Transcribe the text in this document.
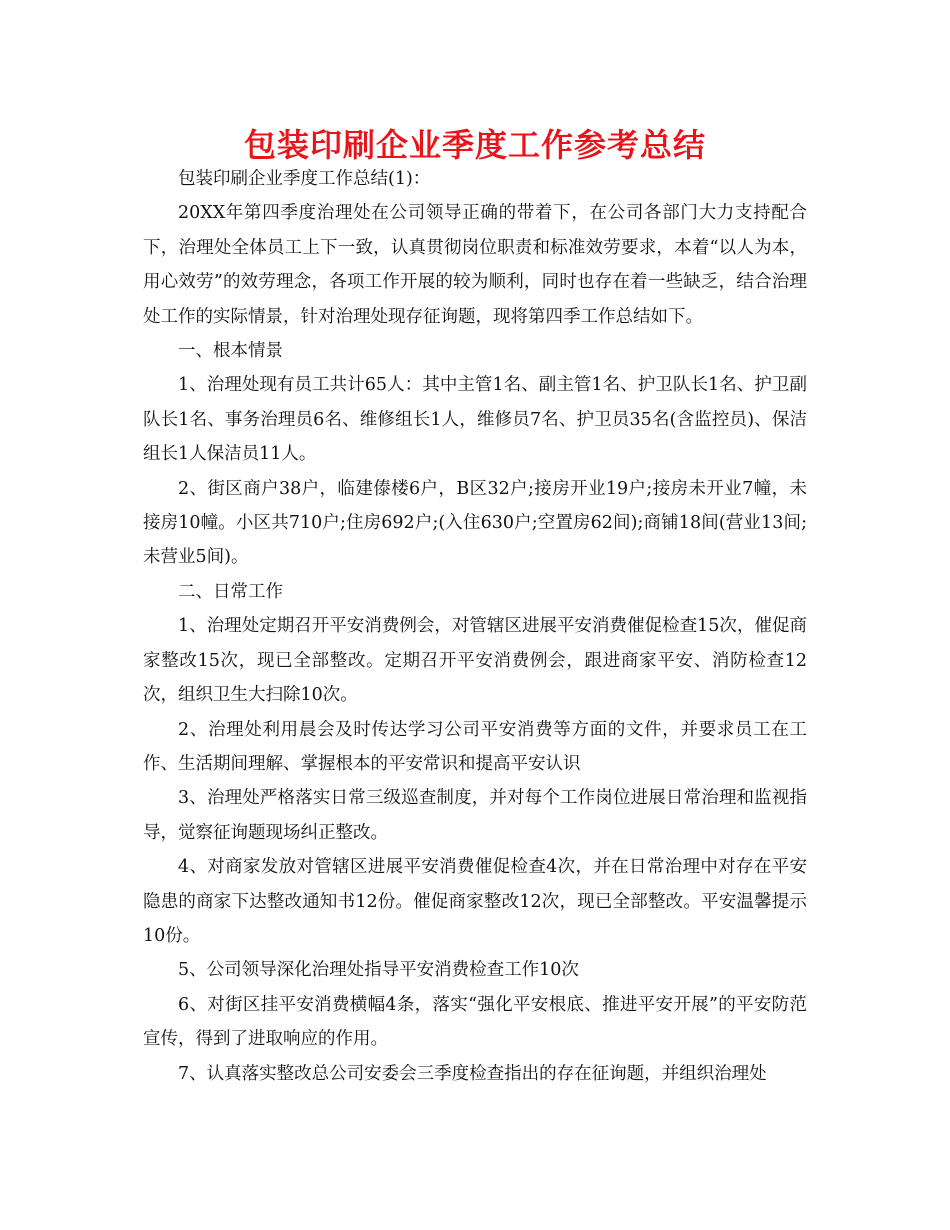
包装印刷企业季度工作参考总结

包装印刷企业季度工作总结(1)：

20XX年第四季度治理处在公司领导正确的带着下，在公司各部门大力支持配合下，治理处全体员工上下一致，认真贯彻岗位职责和标准效劳要求，本着“以人为本，用心效劳”的效劳理念，各项工作开展的较为顺利，同时也存在着一些缺乏，结合治理处工作的实际情景，针对治理处现存征询题，现将第四季工作总结如下。

一、根本情景

1、治理处现有员工共计65人：其中主管1名、副主管1名、护卫队长1名、护卫副队长1名、事务治理员6名、维修组长1人，维修员7名、护卫员35名(含监控员)、保洁组长1人保洁员11人。

2、街区商户38户，临建傣楼6户，B区32户;接房开业19户;接房未开业7幢，未接房10幢。小区共710户;住房692户;(入住630户;空置房62间);商铺18间(营业13间;未营业5间)。

二、日常工作

1、治理处定期召开平安消费例会，对管辖区进展平安消费催促检查15次，催促商家整改15次，现已全部整改。定期召开平安消费例会，跟进商家平安、消防检查12次，组织卫生大扫除10次。

2、治理处利用晨会及时传达学习公司平安消费等方面的文件，并要求员工在工作、生活期间理解、掌握根本的平安常识和提高平安认识

3、治理处严格落实日常三级巡查制度，并对每个工作岗位进展日常治理和监视指导，觉察征询题现场纠正整改。

4、对商家发放对管辖区进展平安消费催促检查4次，并在日常治理中对存在平安隐患的商家下达整改通知书12份。催促商家整改12次，现已全部整改。平安温馨提示10份。

5、公司领导深化治理处指导平安消费检查工作10次

6、对街区挂平安消费横幅4条，落实“强化平安根底、推进平安开展”的平安防范宣传，得到了进取响应的作用。

7、认真落实整改总公司安委会三季度检查指出的存在征询题，并组织治理处
